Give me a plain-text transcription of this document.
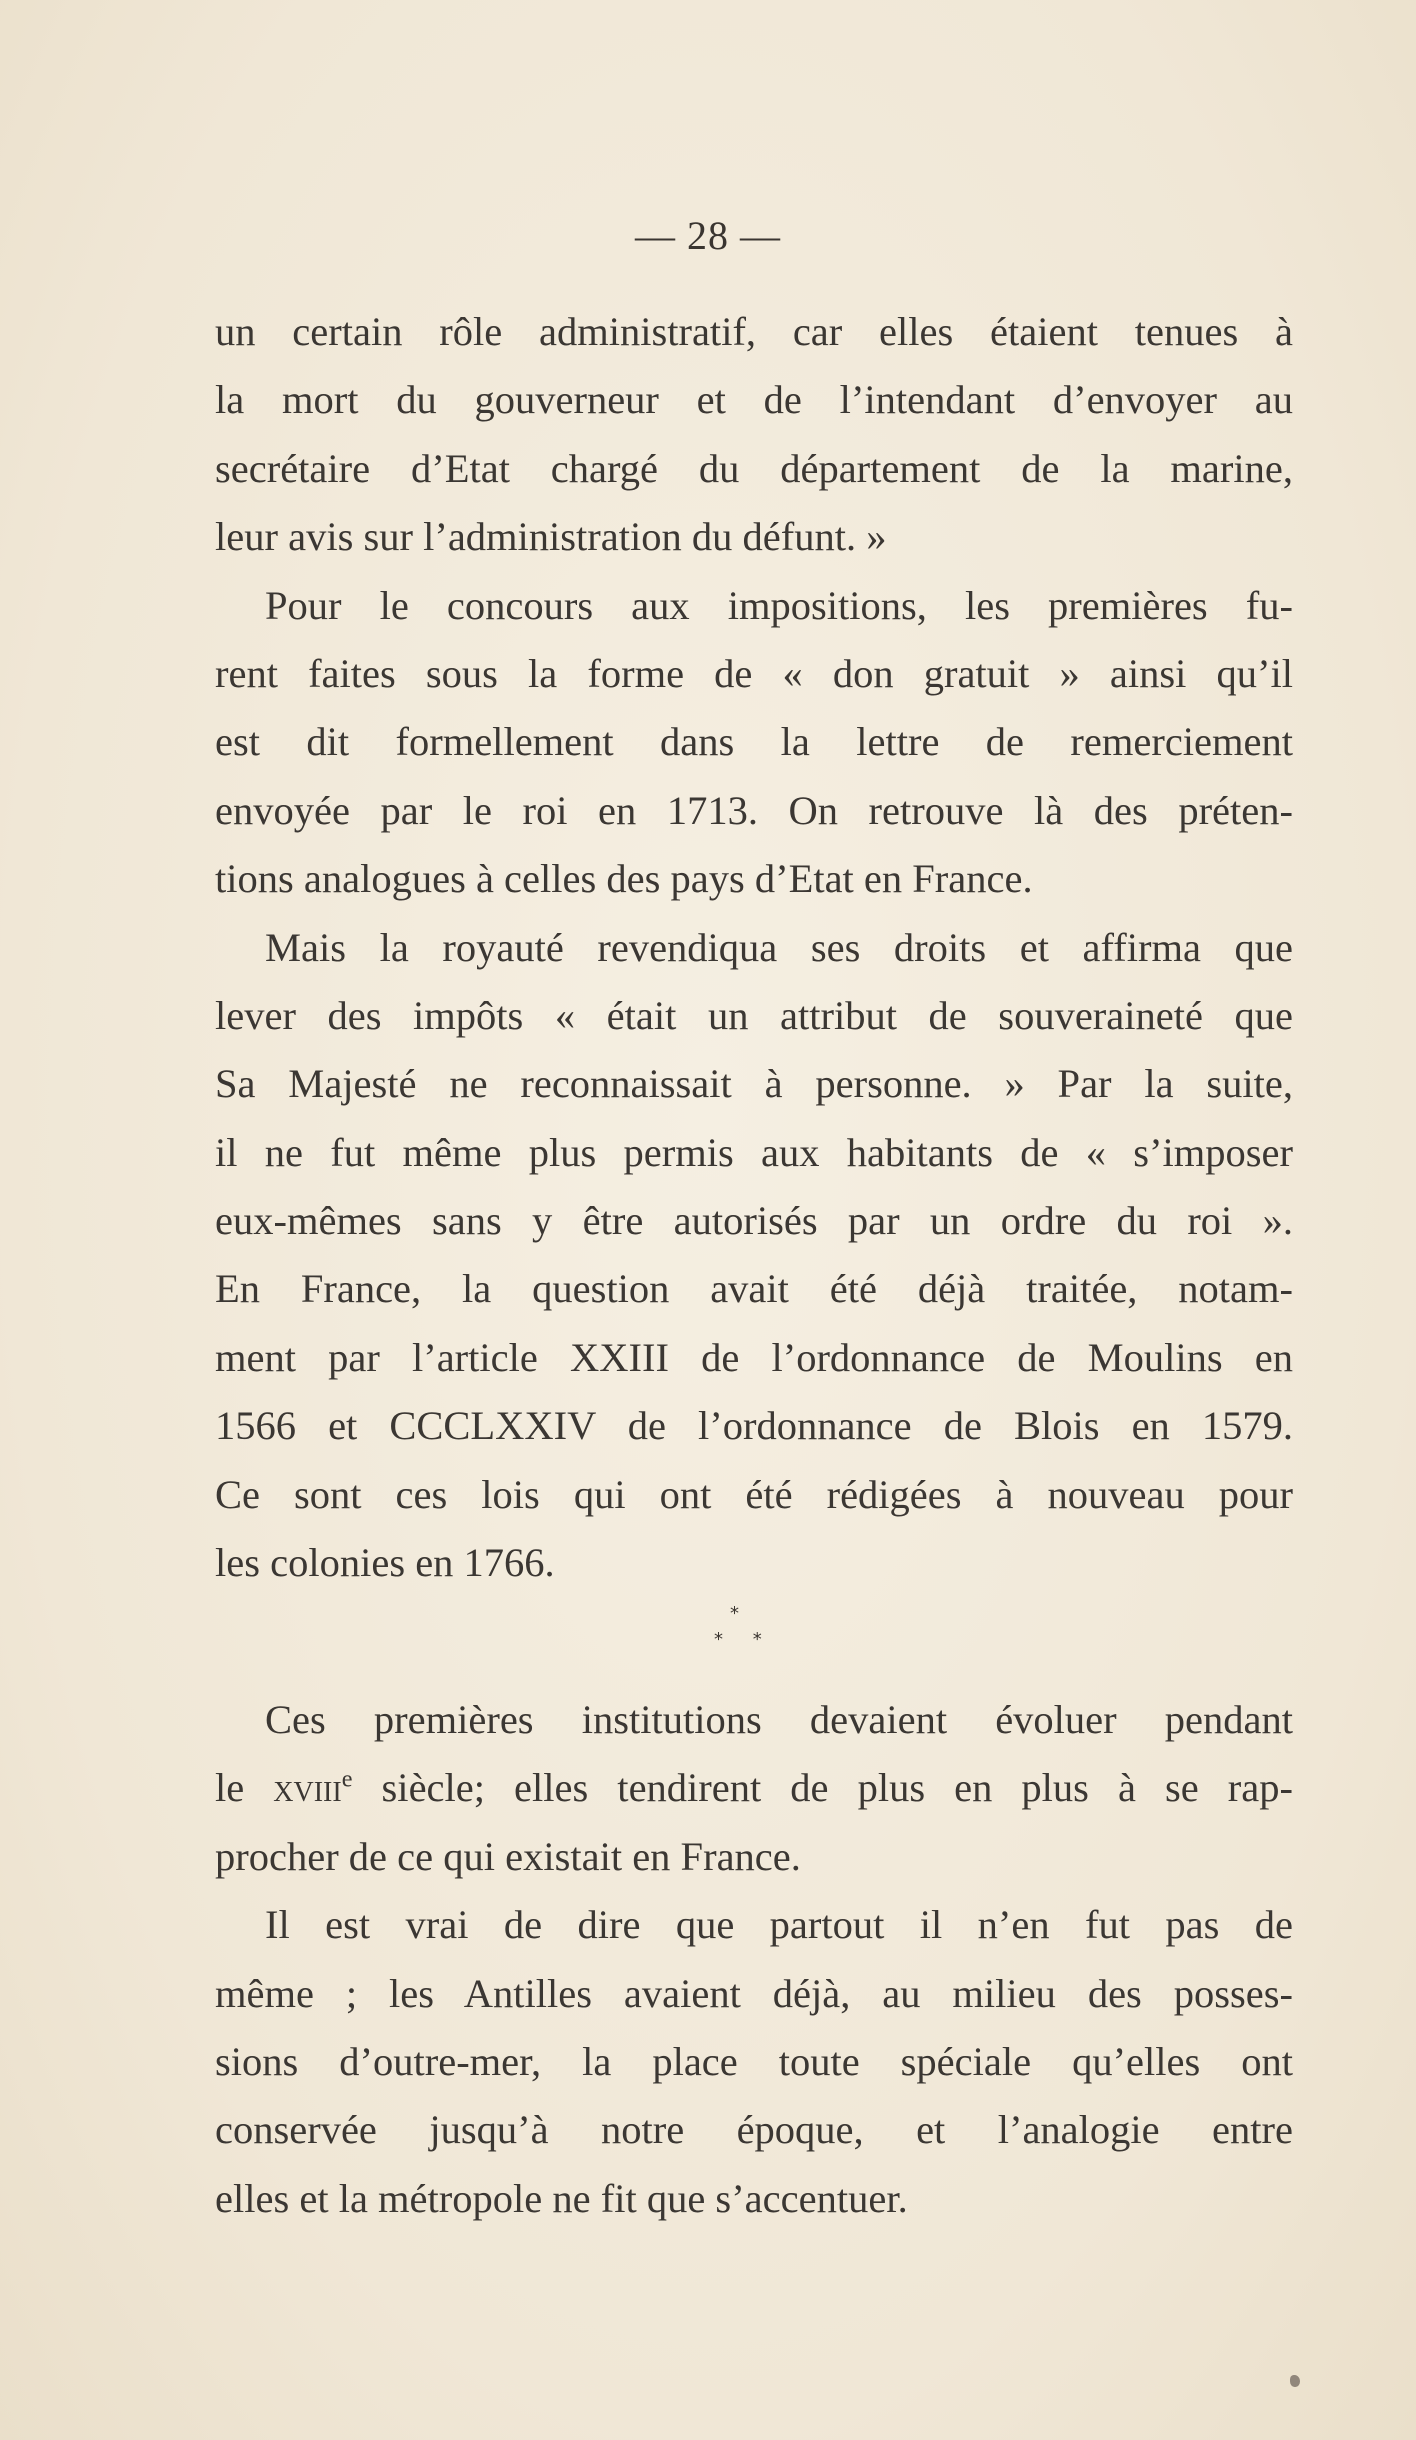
— 28 —
un certain rôle administratif, car elles étaient tenues à
la mort du gouverneur et de l’intendant d’envoyer au
secrétaire d’Etat chargé du département de la marine,
leur avis sur l’administration du défunt. »
Pour le concours aux impositions, les premières fu-
rent faites sous la forme de « don gratuit » ainsi qu’il
est dit formellement dans la lettre de remerciement
envoyée par le roi en 1713. On retrouve là des préten-
tions analogues à celles des pays d’Etat en France.
Mais la royauté revendiqua ses droits et affirma que
lever des impôts « était un attribut de souveraineté que
Sa Majesté ne reconnaissait à personne. » Par la suite,
il ne fut même plus permis aux habitants de « s’imposer
eux-mêmes sans y être autorisés par un ordre du roi ».
En France, la question avait été déjà traitée, notam-
ment par l’article XXIII de l’ordonnance de Moulins en
1566 et CCCLXXIV de l’ordonnance de Blois en 1579.
Ce sont ces lois qui ont été rédigées à nouveau pour
les colonies en 1766.
*
* *
Ces premières institutions devaient évoluer pendant
le xviii$^e$ siècle; elles tendirent de plus en plus à se rap-
procher de ce qui existait en France.
Il est vrai de dire que partout il n’en fut pas de
même ; les Antilles avaient déjà, au milieu des posses-
sions d’outre-mer, la place toute spéciale qu’elles ont
conservée jusqu’à notre époque, et l’analogie entre
elles et la métropole ne fit que s’accentuer.
